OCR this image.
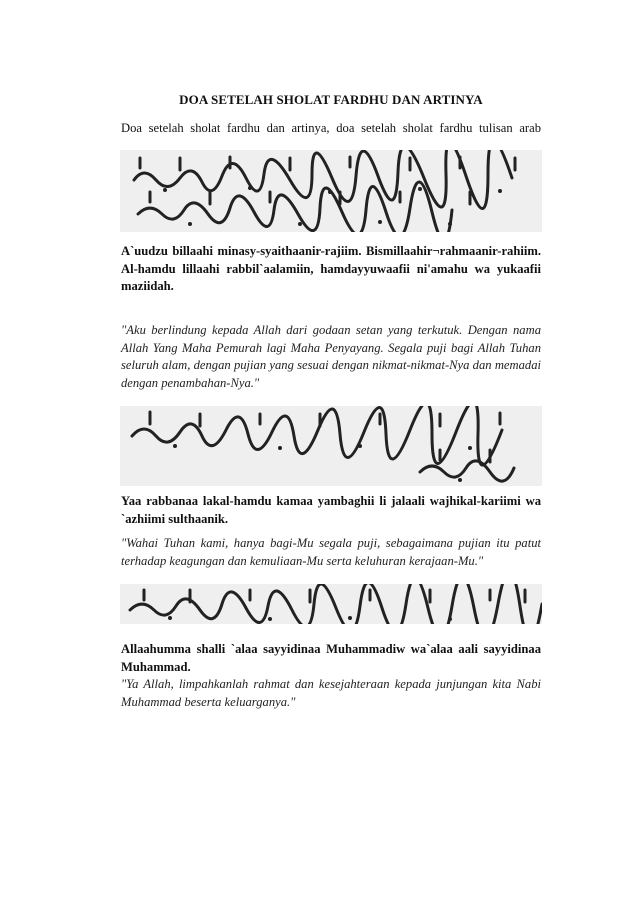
DOA SETELAH SHOLAT FARDHU DAN ARTINYA
Doa setelah sholat fardhu dan artinya, doa setelah sholat fardhu tulisan arab
A`uudzu billaahi minasy-syaithaanir-rajiim. Bismillaahir¬rahmaanir-rahiim. Al-hamdu lillaahi rabbil`aalamiin, hamdayyuwaafii ni'amahu wa yukaafii maziidah.
"Aku berlindung kepada Allah dari godaan setan yang terkutuk. Dengan nama Allah Yang Maha Pemurah lagi Maha Penyayang. Segala puji bagi Allah Tuhan seluruh alam, dengan pujian yang sesuai dengan nikmat-nikmat-Nya dan memadai dengan penambahan-Nya."
Yaa rabbanaa lakal-hamdu kamaa yambaghii li jalaali wajhikal-kariimi wa `azhiimi sulthaanik.
"Wahai Tuhan kami, hanya bagi-Mu segala puji, sebagaimana pujian itu patut terhadap keagungan dan kemuliaan-Mu serta keluhuran kerajaan-Mu."
Allaahumma shalli `alaa sayyidinaa Muhammadiw wa`alaa aali sayyidinaa Muhammad.
"Ya Allah, limpahkanlah rahmat dan kesejahteraan kepada junjungan kita Nabi Muhammad beserta keluarganya."
